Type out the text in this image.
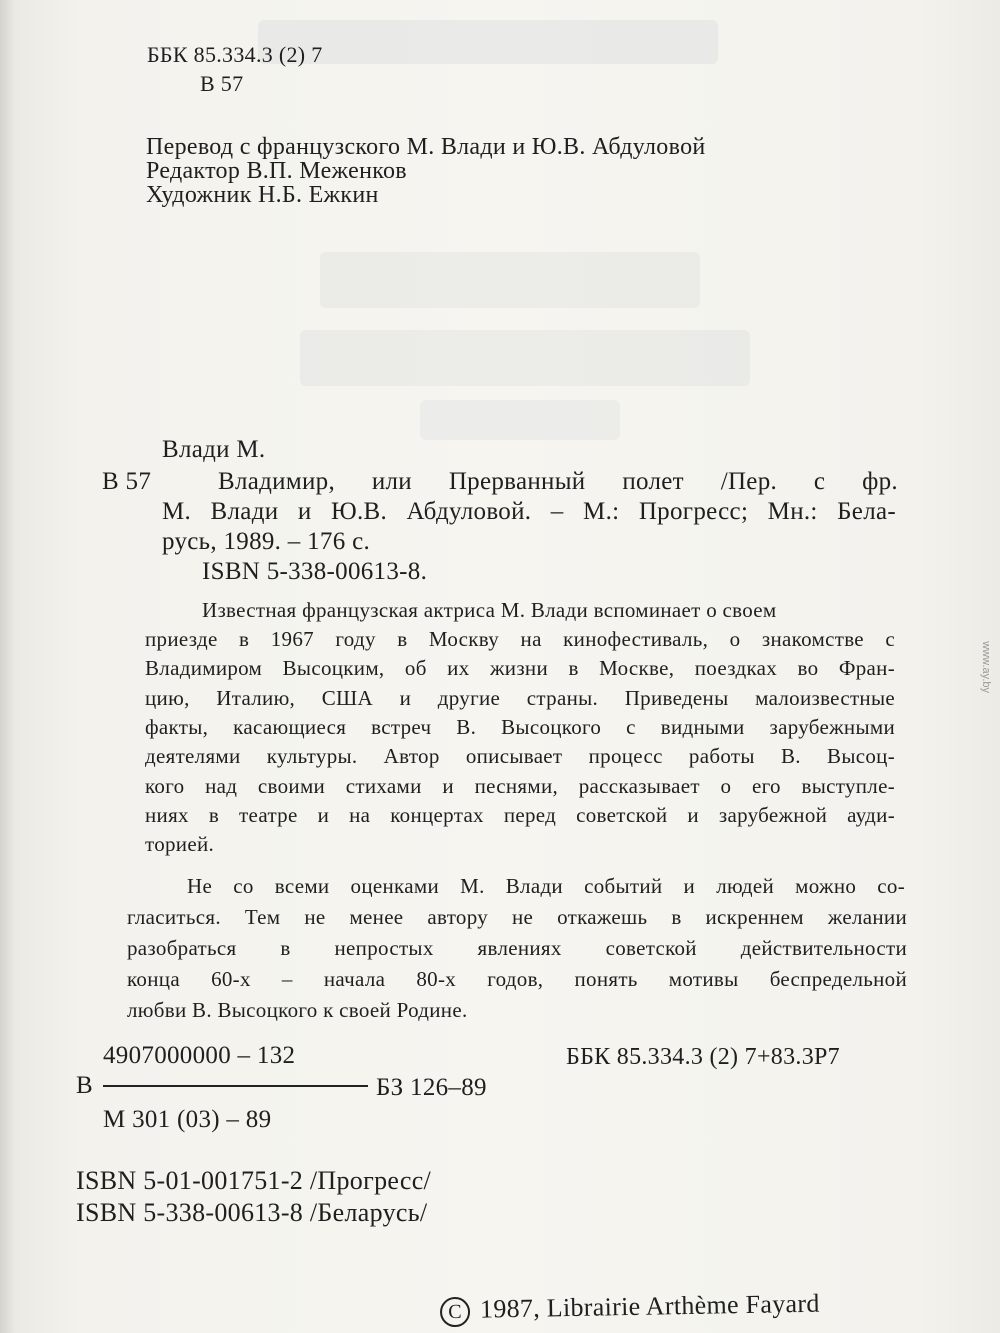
ББК 85.334.3 (2) 7

В 57

Перевод с французского М. Влади и Ю.В. Абдуловой

Редактор В.П. Меженков

Художник Н.Б. Ежкин

Влади М.

В 57	Владимир, или Прерванный полет /Пер. с фр.

М. Влади и Ю.В. Абдуловой. – М.: Прогресс; Мн.: Бела-

русь, 1989. – 176 с.

ISBN 5-338-00613-8.

Известная французская актриса М. Влади вспоминает о своем

приезде в 1967 году в Москву на кинофестиваль, о знакомстве с

Владимиром Высоцким, об их жизни в Москве, поездках во Фран-

цию, Италию, США и другие страны. Приведены малоизвестные

факты, касающиеся встреч В. Высоцкого с видными зарубежными

деятелями культуры. Автор описывает процесс работы В. Высоц-

кого над своими стихами и песнями, рассказывает о его выступле-

ниях в театре и на концертах перед советской и зарубежной ауди-

торией.

Не со всеми оценками М. Влади событий и людей можно со-

гласиться. Тем не менее автору не откажешь в искреннем желании

разобраться в непростых явлениях советской действительности

конца 60-х – начала 80-х годов, понять мотивы беспредельной

любви В. Высоцкого к своей Родине.

4907000000 – 132

В	БЗ 126–89

М 301 (03) – 89

ББК 85.334.3 (2) 7+83.3Р7

ISBN 5-01-001751-2 /Прогресс/

ISBN 5-338-00613-8 /Беларусь/

C 1987, Librairie Arthème Fayard

www.ay.by
